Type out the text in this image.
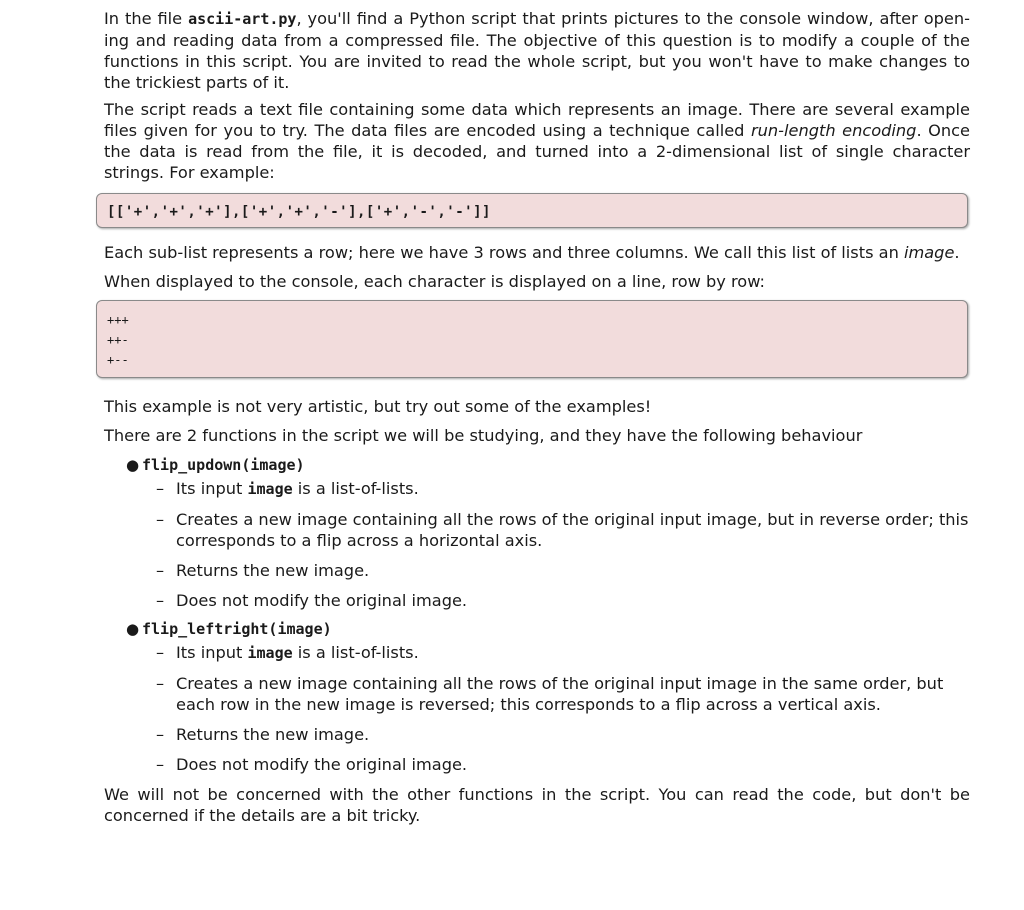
In the file ascii-art.py, you'll find a Python script that prints pictures to the console window, after open-ing and reading data from a compressed file. The objective of this question is to modify a couple of the functions in this script. You are invited to read the whole script, but you won't have to make changes to the trickiest parts of it.

The script reads a text file containing some data which represents an image. There are several example files given for you to try. The data files are encoded using a technique called run-length encoding. Once the data is read from the file, it is decoded, and turned into a 2-dimensional list of single character strings. For example:

[['+','+','+'],['+','+','-'],['+','-','-']]

Each sub-list represents a row; here we have 3 rows and three columns. We call this list of lists an image.

When displayed to the console, each character is displayed on a line, row by row:

+++
++-
+--

This example is not very artistic, but try out some of the examples!

There are 2 functions in the script we will be studying, and they have the following behaviour

● flip_updown(image)
– Its input image is a list-of-lists.
– Creates a new image containing all the rows of the original input image, but in reverse order; this corresponds to a flip across a horizontal axis.
– Returns the new image.
– Does not modify the original image.
● flip_leftright(image)
– Its input image is a list-of-lists.
– Creates a new image containing all the rows of the original input image in the same order, but each row in the new image is reversed; this corresponds to a flip across a vertical axis.
– Returns the new image.
– Does not modify the original image.

We will not be concerned with the other functions in the script. You can read the code, but don't be concerned if the details are a bit tricky.
